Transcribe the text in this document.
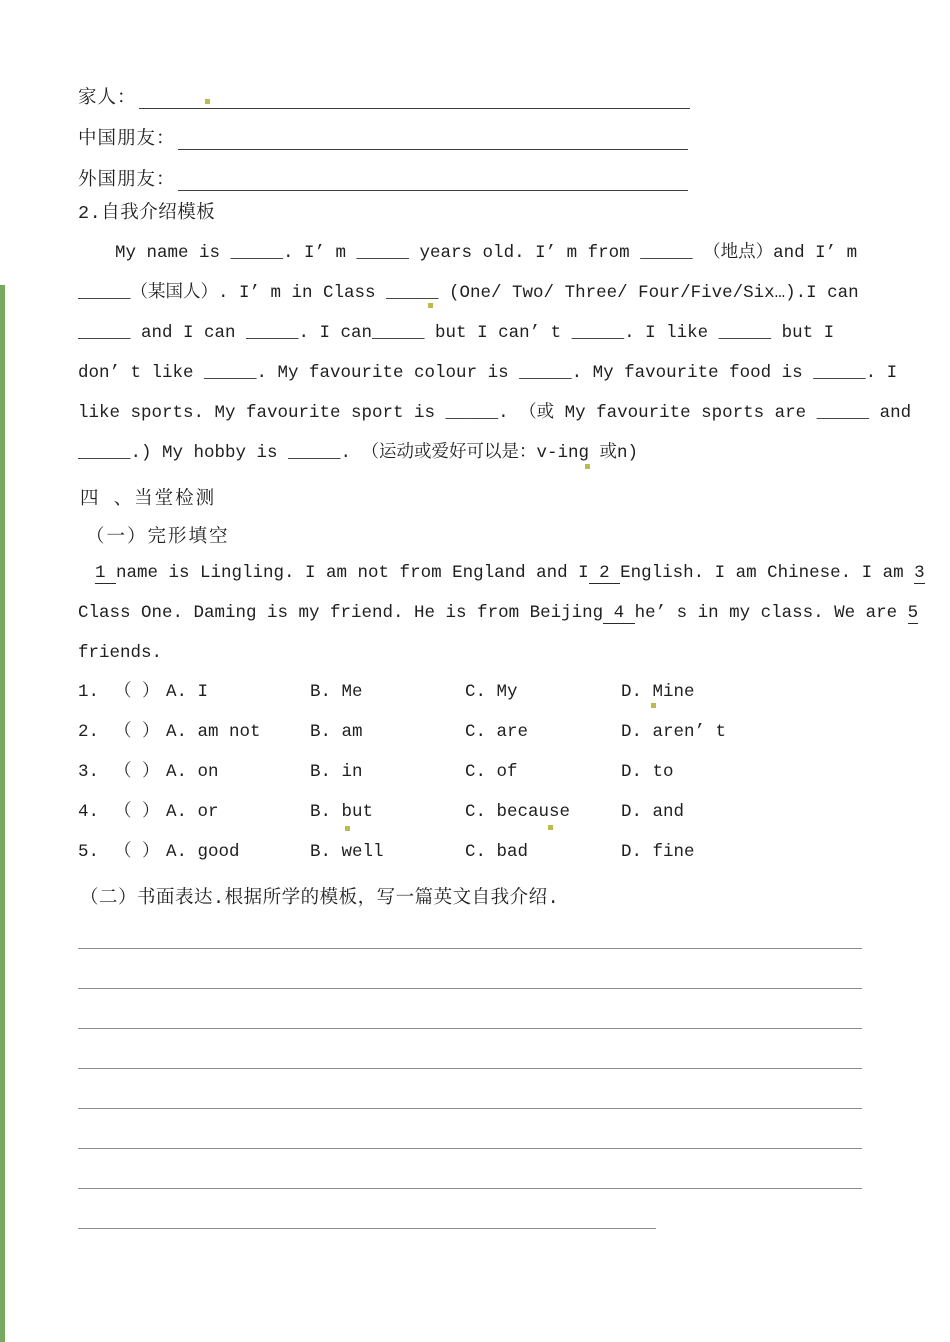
家人：
中国朋友：
外国朋友：
2.自我介绍模板
My name is _____. I’ m _____ years old. I’ m from _____ （地点）and I’ m
_____（某国人）. I’ m in Class _____ (One/ Two/ Three/ Four/Five/Six…).I can
_____ and I can _____. I can_____ but I can’ t _____. I like _____ but I
don’ t like _____. My favourite colour is _____. My favourite food is _____. I
like sports. My favourite sport is _____. （或 My favourite sports are _____ and
_____.) My hobby is _____. （运动或爱好可以是：v-ing 或n)
四 、当堂检测
（一）完形填空
1 name is Lingling. I am not from England and I 2 English. I am Chinese. I am 3
Class One. Daming is my friend. He is from Beijing 4 he’ s in my class. We are 5
friends.
1. （ ） A. I	B. Me	C. My	D. Mine
2. （ ） A. am not	B. am	C. are	D. aren’ t
3. （ ） A. on	B. in	C. of	D. to
4. （ ） A. or	B. but	C. because	D. and
5. （ ） A. good	B. well	C. bad	D. fine
（二）书面表达.根据所学的模板，写一篇英文自我介绍.
